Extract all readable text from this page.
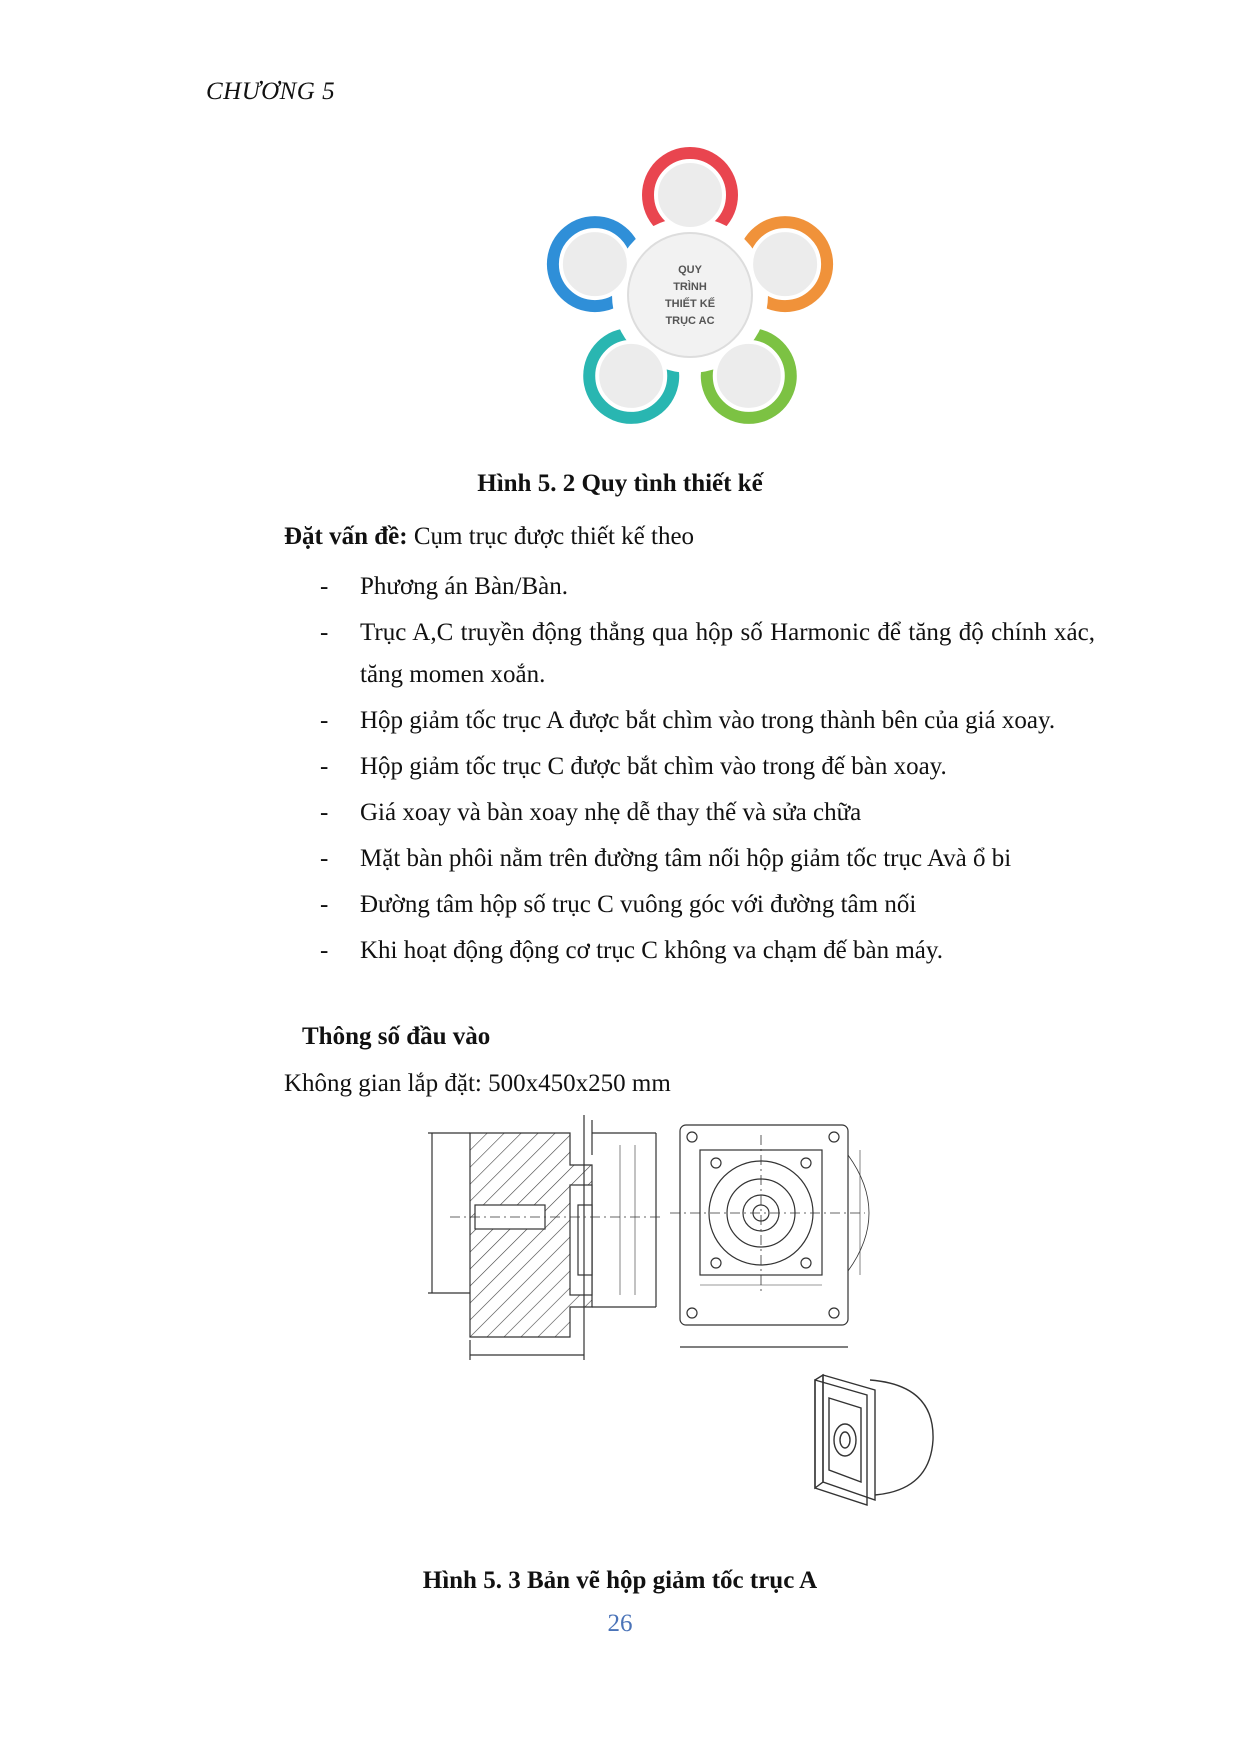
CHƯƠNG 5
QUY
TRÌNH
THIẾT KẾ
TRỤC AC
Hình 5. 2 Quy tình thiết kế
Đặt vấn đề: Cụm trục được thiết kế theo
- Phương án Bàn/Bàn.
- Trục A,C truyền động thẳng qua hộp số Harmonic để tăng độ chính xác, tăng momen xoắn.
- Hộp giảm tốc trục A được bắt chìm vào trong thành bên của giá xoay.
- Hộp giảm tốc trục C được bắt chìm vào trong đế bàn xoay.
- Giá xoay và bàn xoay nhẹ dễ thay thế và sửa chữa
- Mặt bàn phôi nằm trên đường tâm nối hộp giảm tốc trục Avà ổ bi
- Đường tâm hộp số trục C vuông góc với đường tâm nối
- Khi hoạt động động cơ trục C không va chạm đế bàn máy.
Thông số đầu vào
Không gian lắp đặt: 500x450x250 mm
Hình 5. 3 Bản vẽ hộp giảm tốc trục A
26
